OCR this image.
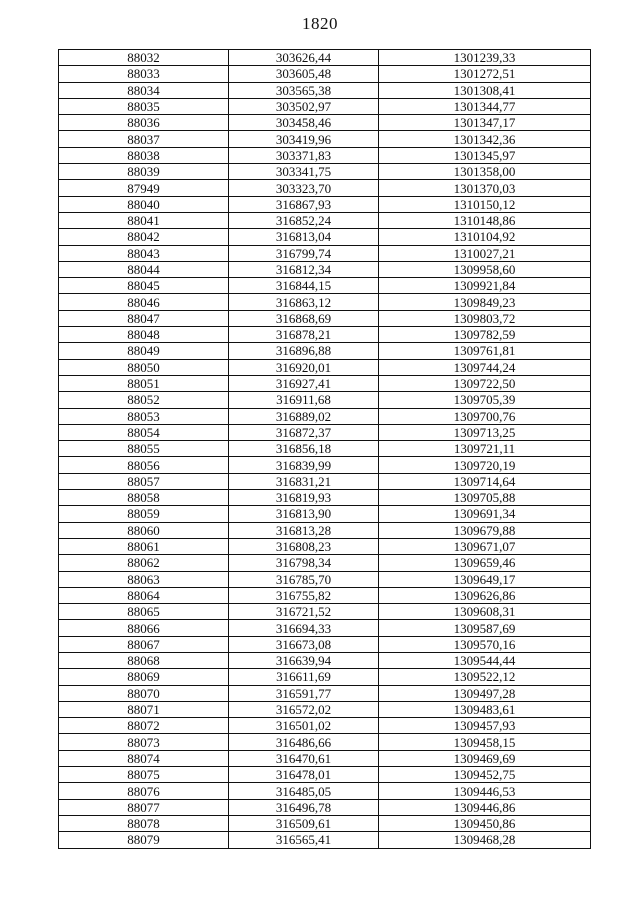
1820
88032	303626,44	1301239,33
88033	303605,48	1301272,51
88034	303565,38	1301308,41
88035	303502,97	1301344,77
88036	303458,46	1301347,17
88037	303419,96	1301342,36
88038	303371,83	1301345,97
88039	303341,75	1301358,00
87949	303323,70	1301370,03
88040	316867,93	1310150,12
88041	316852,24	1310148,86
88042	316813,04	1310104,92
88043	316799,74	1310027,21
88044	316812,34	1309958,60
88045	316844,15	1309921,84
88046	316863,12	1309849,23
88047	316868,69	1309803,72
88048	316878,21	1309782,59
88049	316896,88	1309761,81
88050	316920,01	1309744,24
88051	316927,41	1309722,50
88052	316911,68	1309705,39
88053	316889,02	1309700,76
88054	316872,37	1309713,25
88055	316856,18	1309721,11
88056	316839,99	1309720,19
88057	316831,21	1309714,64
88058	316819,93	1309705,88
88059	316813,90	1309691,34
88060	316813,28	1309679,88
88061	316808,23	1309671,07
88062	316798,34	1309659,46
88063	316785,70	1309649,17
88064	316755,82	1309626,86
88065	316721,52	1309608,31
88066	316694,33	1309587,69
88067	316673,08	1309570,16
88068	316639,94	1309544,44
88069	316611,69	1309522,12
88070	316591,77	1309497,28
88071	316572,02	1309483,61
88072	316501,02	1309457,93
88073	316486,66	1309458,15
88074	316470,61	1309469,69
88075	316478,01	1309452,75
88076	316485,05	1309446,53
88077	316496,78	1309446,86
88078	316509,61	1309450,86
88079	316565,41	1309468,28
